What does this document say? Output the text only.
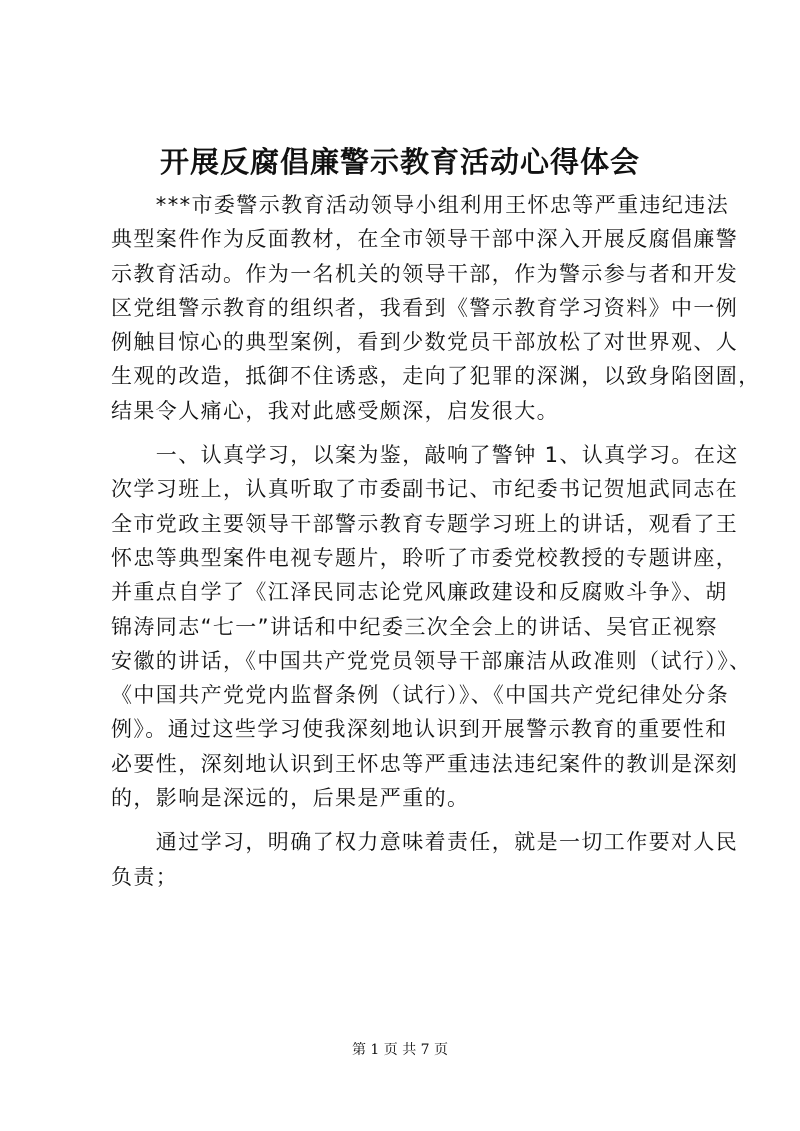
开展反腐倡廉警示教育活动心得体会
　　***市委警示教育活动领导小组利用王怀忠等严重违纪违法
典型案件作为反面教材，在全市领导干部中深入开展反腐倡廉警
示教育活动。作为一名机关的领导干部，作为警示参与者和开发
区党组警示教育的组织者，我看到《警示教育学习资料》中一例
例触目惊心的典型案例，看到少数党员干部放松了对世界观、人
生观的改造，抵御不住诱惑，走向了犯罪的深渊，以致身陷囹圄，
结果令人痛心，我对此感受颇深，启发很大。
　　一、认真学习，以案为鉴，敲响了警钟 1、认真学习。在这
次学习班上，认真听取了市委副书记、市纪委书记贺旭武同志在
全市党政主要领导干部警示教育专题学习班上的讲话，观看了王
怀忠等典型案件电视专题片，聆听了市委党校教授的专题讲座，
并重点自学了《江泽民同志论党风廉政建设和反腐败斗争》、胡
锦涛同志“七一”讲话和中纪委三次全会上的讲话、吴官正视察
安徽的讲话，《中国共产党党员领导干部廉洁从政准则（试行）》、
《中国共产党党内监督条例（试行）》、《中国共产党纪律处分条
例》。通过这些学习使我深刻地认识到开展警示教育的重要性和
必要性，深刻地认识到王怀忠等严重违法违纪案件的教训是深刻
的，影响是深远的，后果是严重的。
　　通过学习，明确了权力意味着责任，就是一切工作要对人民
负责；
第 1 页 共 7 页
